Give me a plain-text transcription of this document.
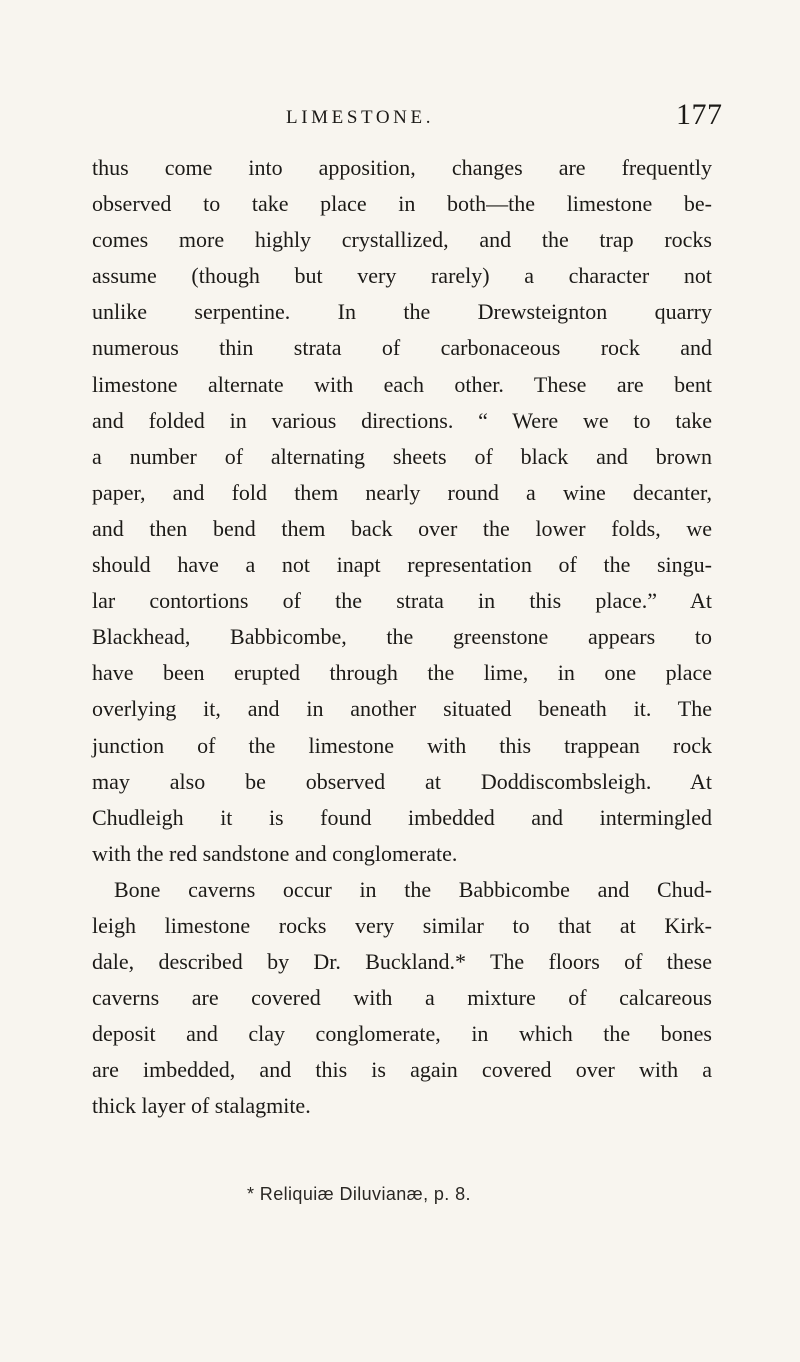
LIMESTONE.	177
thus come into apposition, changes are frequently
observed to take place in both—the limestone be-
comes more highly crystallized, and the trap rocks
assume (though but very rarely) a character not
unlike serpentine. In the Drewsteignton quarry
numerous thin strata of carbonaceous rock and
limestone alternate with each other. These are bent
and folded in various directions. “ Were we to take
a number of alternating sheets of black and brown
paper, and fold them nearly round a wine decanter,
and then bend them back over the lower folds, we
should have a not inapt representation of the singu-
lar contortions of the strata in this place.” At
Blackhead, Babbicombe, the greenstone appears to
have been erupted through the lime, in one place
overlying it, and in another situated beneath it. The
junction of the limestone with this trappean rock
may also be observed at Doddiscombsleigh. At
Chudleigh it is found imbedded and intermingled
with the red sandstone and conglomerate.
Bone caverns occur in the Babbicombe and Chud-
leigh limestone rocks very similar to that at Kirk-
dale, described by Dr. Buckland.* The floors of these
caverns are covered with a mixture of calcareous
deposit and clay conglomerate, in which the bones
are imbedded, and this is again covered over with a
thick layer of stalagmite.
* Reliquiæ Diluvianæ, p. 8.
